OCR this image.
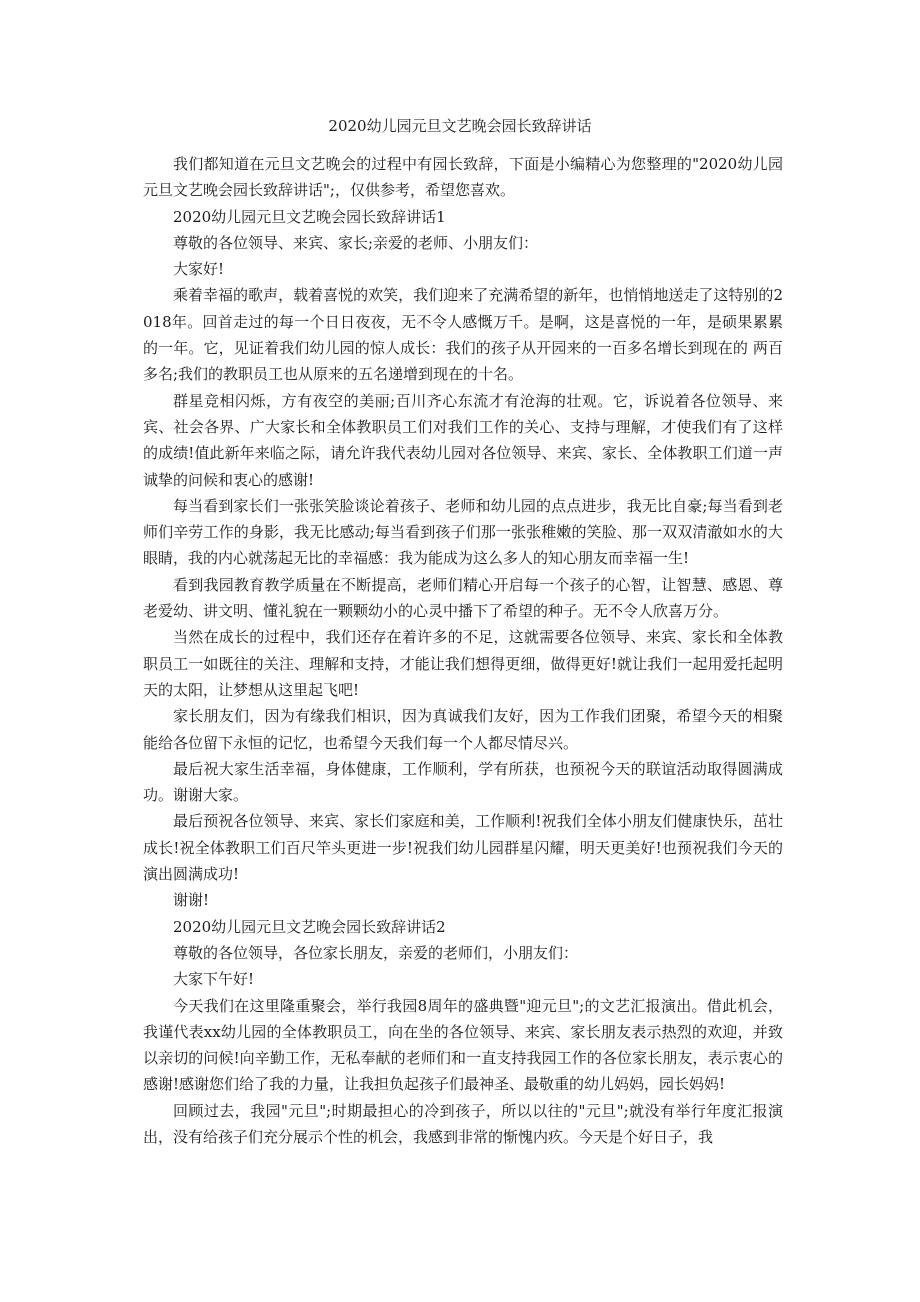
2020幼儿园元旦文艺晚会园长致辞讲话

我们都知道在元旦文艺晚会的过程中有园长致辞，下面是小编精心为您整理的"2020幼儿园元旦文艺晚会园长致辞讲话";，仅供参考，希望您喜欢。

2020幼儿园元旦文艺晚会园长致辞讲话1

尊敬的各位领导、来宾、家长;亲爱的老师、小朋友们：

大家好!

乘着幸福的歌声，载着喜悦的欢笑，我们迎来了充满希望的新年，也悄悄地送走了这特别的2018年。回首走过的每一个日日夜夜，无不令人感慨万千。是啊，这是喜悦的一年，是硕果累累的一年。它，见证着我们幼儿园的惊人成长：我们的孩子从开园来的一百多名增长到现在的 两百多名;我们的教职员工也从原来的五名递增到现在的十名。

群星竞相闪烁，方有夜空的美丽;百川齐心东流才有沧海的壮观。它，诉说着各位领导、来宾、社会各界、广大家长和全体教职员工们对我们工作的关心、支持与理解，才使我们有了这样的成绩!值此新年来临之际，请允许我代表幼儿园对各位领导、来宾、家长、全体教职工们道一声诚挚的问候和衷心的感谢!

每当看到家长们一张张笑脸谈论着孩子、老师和幼儿园的点点进步，我无比自豪;每当看到老师们辛劳工作的身影，我无比感动;每当看到孩子们那一张张稚嫩的笑脸、那一双双清澈如水的大眼睛，我的内心就荡起无比的幸福感：我为能成为这么多人的知心朋友而幸福一生!

看到我园教育教学质量在不断提高，老师们精心开启每一个孩子的心智，让智慧、感恩、尊老爱幼、讲文明、懂礼貌在一颗颗幼小的心灵中播下了希望的种子。无不令人欣喜万分。

当然在成长的过程中，我们还存在着许多的不足，这就需要各位领导、来宾、家长和全体教职员工一如既往的关注、理解和支持，才能让我们想得更细，做得更好!就让我们一起用爱托起明天的太阳，让梦想从这里起飞吧!

家长朋友们，因为有缘我们相识，因为真诚我们友好，因为工作我们团聚，希望今天的相聚能给各位留下永恒的记忆，也希望今天我们每一个人都尽情尽兴。

最后祝大家生活幸福，身体健康，工作顺利，学有所获，也预祝今天的联谊活动取得圆满成功。谢谢大家。

最后预祝各位领导、来宾、家长们家庭和美，工作顺利!祝我们全体小朋友们健康快乐，茁壮成长!祝全体教职工们百尺竿头更进一步!祝我们幼儿园群星闪耀，明天更美好!也预祝我们今天的演出圆满成功!

谢谢!

2020幼儿园元旦文艺晚会园长致辞讲话2

尊敬的各位领导，各位家长朋友，亲爱的老师们，小朋友们：

大家下午好!

今天我们在这里隆重聚会，举行我园8周年的盛典暨"迎元旦";的文艺汇报演出。借此机会，我谨代表xx幼儿园的全体教职员工，向在坐的各位领导、来宾、家长朋友表示热烈的欢迎，并致以亲切的问候!向辛勤工作，无私奉献的老师们和一直支持我园工作的各位家长朋友，表示衷心的感谢!感谢您们给了我的力量，让我担负起孩子们最神圣、最敬重的幼儿妈妈，园长妈妈!

回顾过去，我园"元旦";时期最担心的冷到孩子，所以以往的"元旦";就没有举行年度汇报演出，没有给孩子们充分展示个性的机会，我感到非常的惭愧内疚。今天是个好日子，我
